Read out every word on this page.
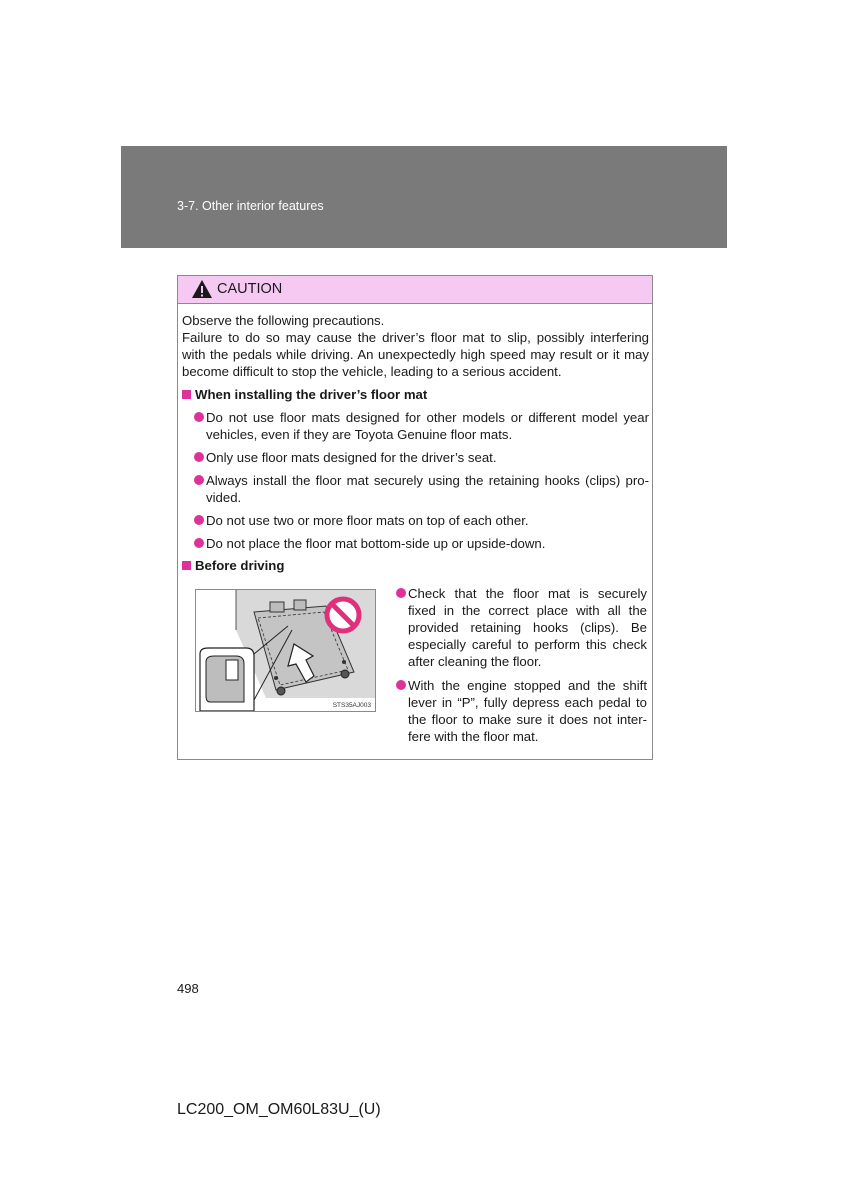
3-7. Other interior features
CAUTION

Observe the following precautions.
Failure to do so may cause the driver’s floor mat to slip, possibly interfering
with the pedals while driving. An unexpectedly high speed may result or it may
become difficult to stop the vehicle, leading to a serious accident.

When installing the driver’s floor mat
Do not use floor mats designed for other models or different model year
vehicles, even if they are Toyota Genuine floor mats.
Only use floor mats designed for the driver’s seat.
Always install the floor mat securely using the retaining hooks (clips) pro-
vided.
Do not use two or more floor mats on top of each other.
Do not place the floor mat bottom-side up or upside-down.
Before driving
STS35AJ003
Check that the floor mat is securely
fixed in the correct place with all the
provided retaining hooks (clips). Be
especially careful to perform this check
after cleaning the floor.
With the engine stopped and the shift
lever in “P”, fully depress each pedal to
the floor to make sure it does not inter-
fere with the floor mat.
498
LC200_OM_OM60L83U_(U)
